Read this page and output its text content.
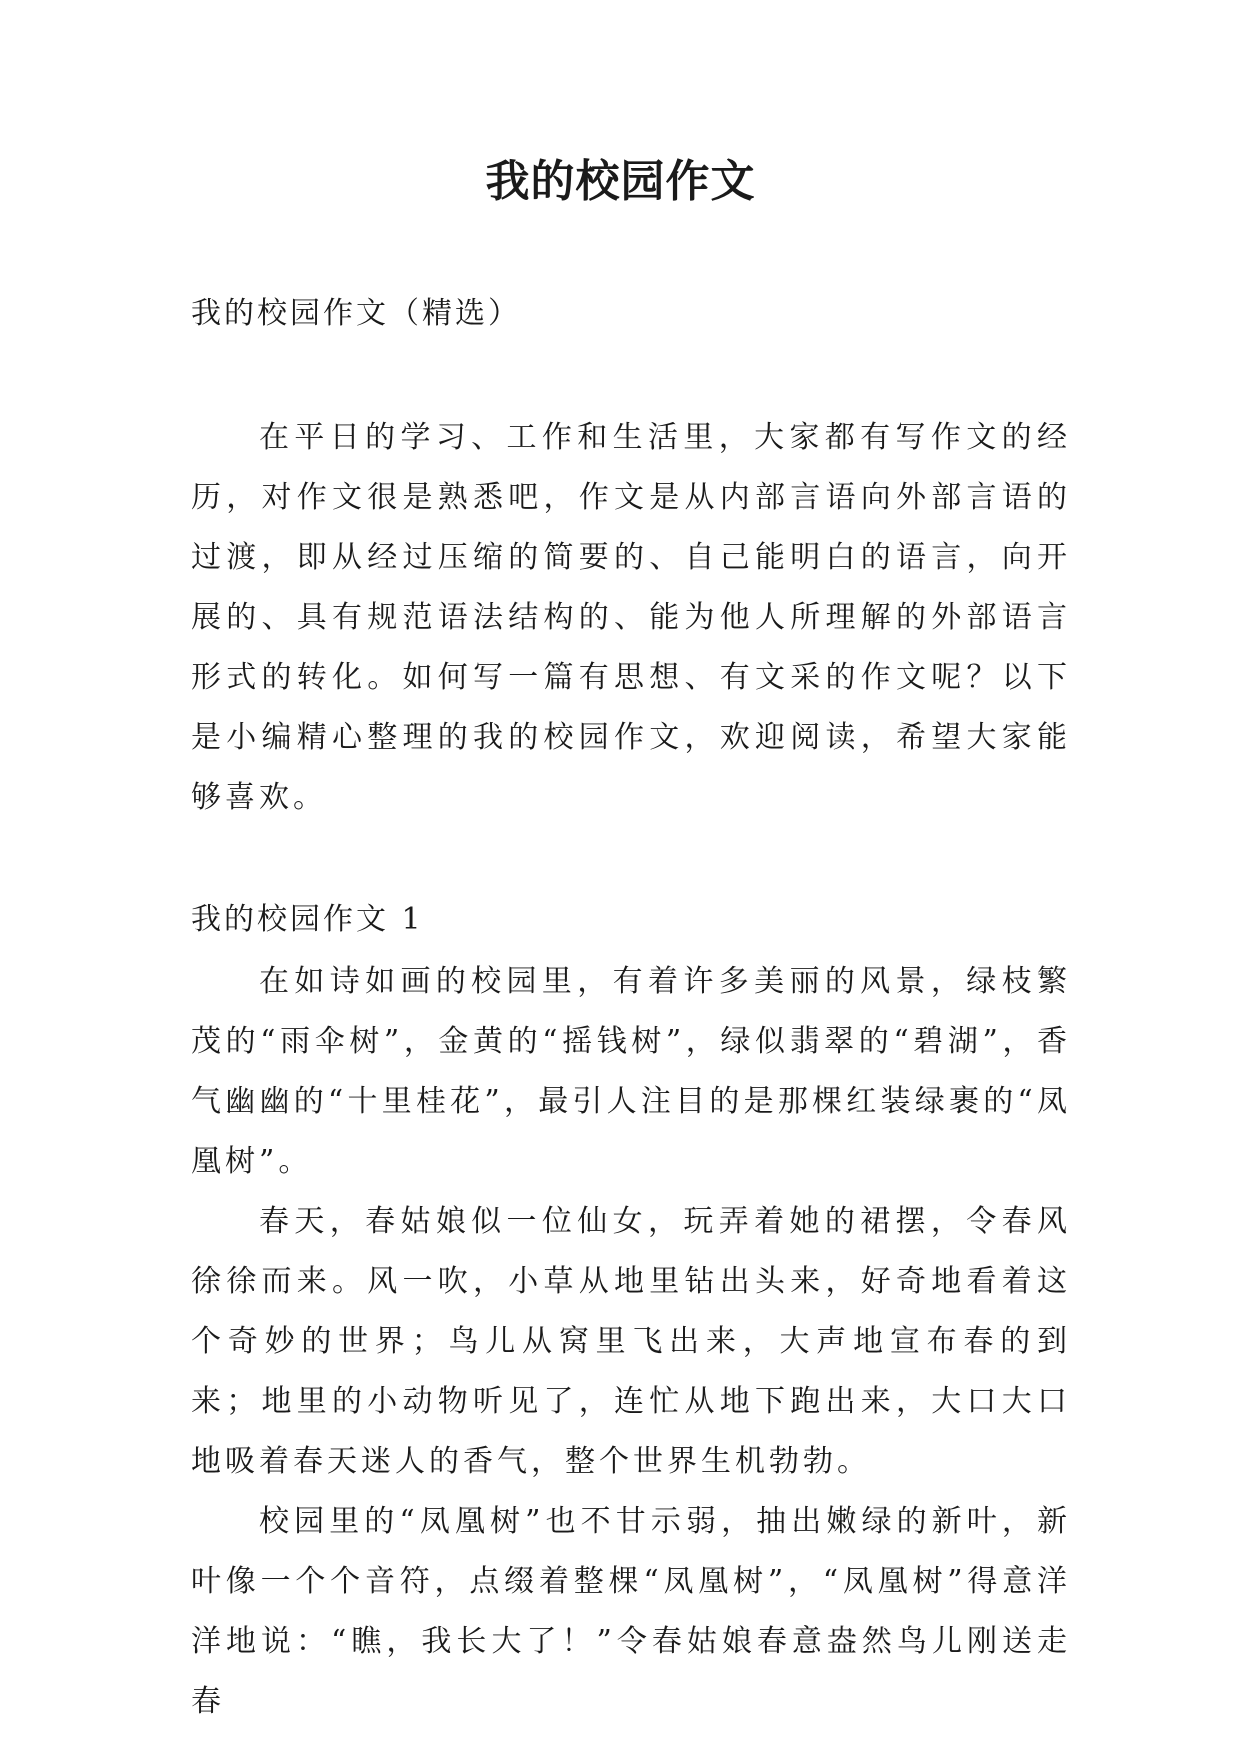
我的校园作文

我的校园作文（精选）

在平日的学习、工作和生活里，大家都有写作文的经历，对作文很是熟悉吧，作文是从内部言语向外部言语的过渡，即从经过压缩的简要的、自己能明白的语言，向开展的、具有规范语法结构的、能为他人所理解的外部语言形式的转化。如何写一篇有思想、有文采的作文呢？以下是小编精心整理的我的校园作文，欢迎阅读，希望大家能够喜欢。

我的校园作文 1

在如诗如画的校园里，有着许多美丽的风景，绿枝繁茂的“雨伞树”，金黄的“摇钱树”，绿似翡翠的“碧湖”，香气幽幽的“十里桂花”，最引人注目的是那棵红装绿裹的“凤凰树”。

春天，春姑娘似一位仙女，玩弄着她的裙摆，令春风徐徐而来。风一吹，小草从地里钻出头来，好奇地看着这个奇妙的世界；鸟儿从窝里飞出来，大声地宣布春的到来；地里的小动物听见了，连忙从地下跑出来，大口大口地吸着春天迷人的香气，整个世界生机勃勃。

校园里的“凤凰树”也不甘示弱，抽出嫩绿的新叶，新叶像一个个音符，点缀着整棵“凤凰树”，“凤凰树”得意洋洋地说：“瞧，我长大了！”令春姑娘春意盎然鸟儿刚送走春
